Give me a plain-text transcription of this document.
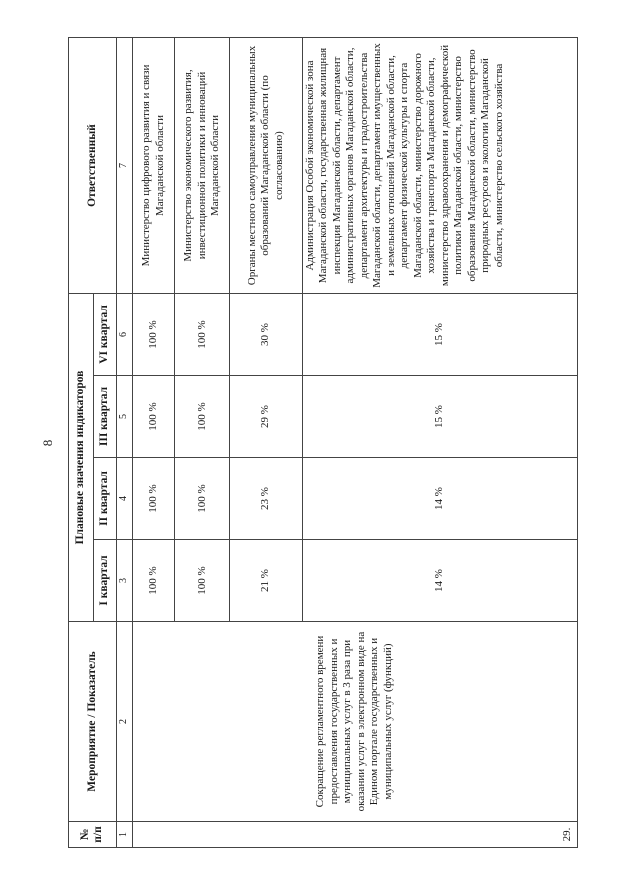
8
№
п/п	Мероприятие / Показатель	Плановые значения индикаторов				Ответственный
		I квартал	II квартал	III квартал	VI квартал	
1	2	3	4	5	6	7
29.	Сокращение регламентного времени предоставления государственных и муниципальных услуг в 3 раза при оказании услуг в электронном виде на Едином портале государственных и муниципальных услуг (функций)	100 %	100 %	100 %	100 %	Министерство цифрового развития и связи Магаданской области
		100 %	100 %	100 %	100 %	Министерство экономического развития, инвестиционной политики и инноваций Магаданской области
		21 %	23 %	29 %	30 %	Органы местного самоуправления муниципальных образований Магаданской области (по согласованию)
		14 %	14 %	15 %	15 %	Администрация Особой экономической зона Магаданской области, государственная жилищная инспекция Магаданской области, департамент административных органов Магаданской области, департамент архитектуры и градостроительства Магаданской области, департамент имущественных и земельных отношений Магаданской области, департамент физической культуры и спорта Магаданской области, министерство дорожного хозяйства и транспорта Магаданской области, министерство здравоохранения и демографической политики Магаданской области, министерство образования Магаданской области, министерство природных ресурсов и экологии Магаданской области, министерство сельского хозяйства
